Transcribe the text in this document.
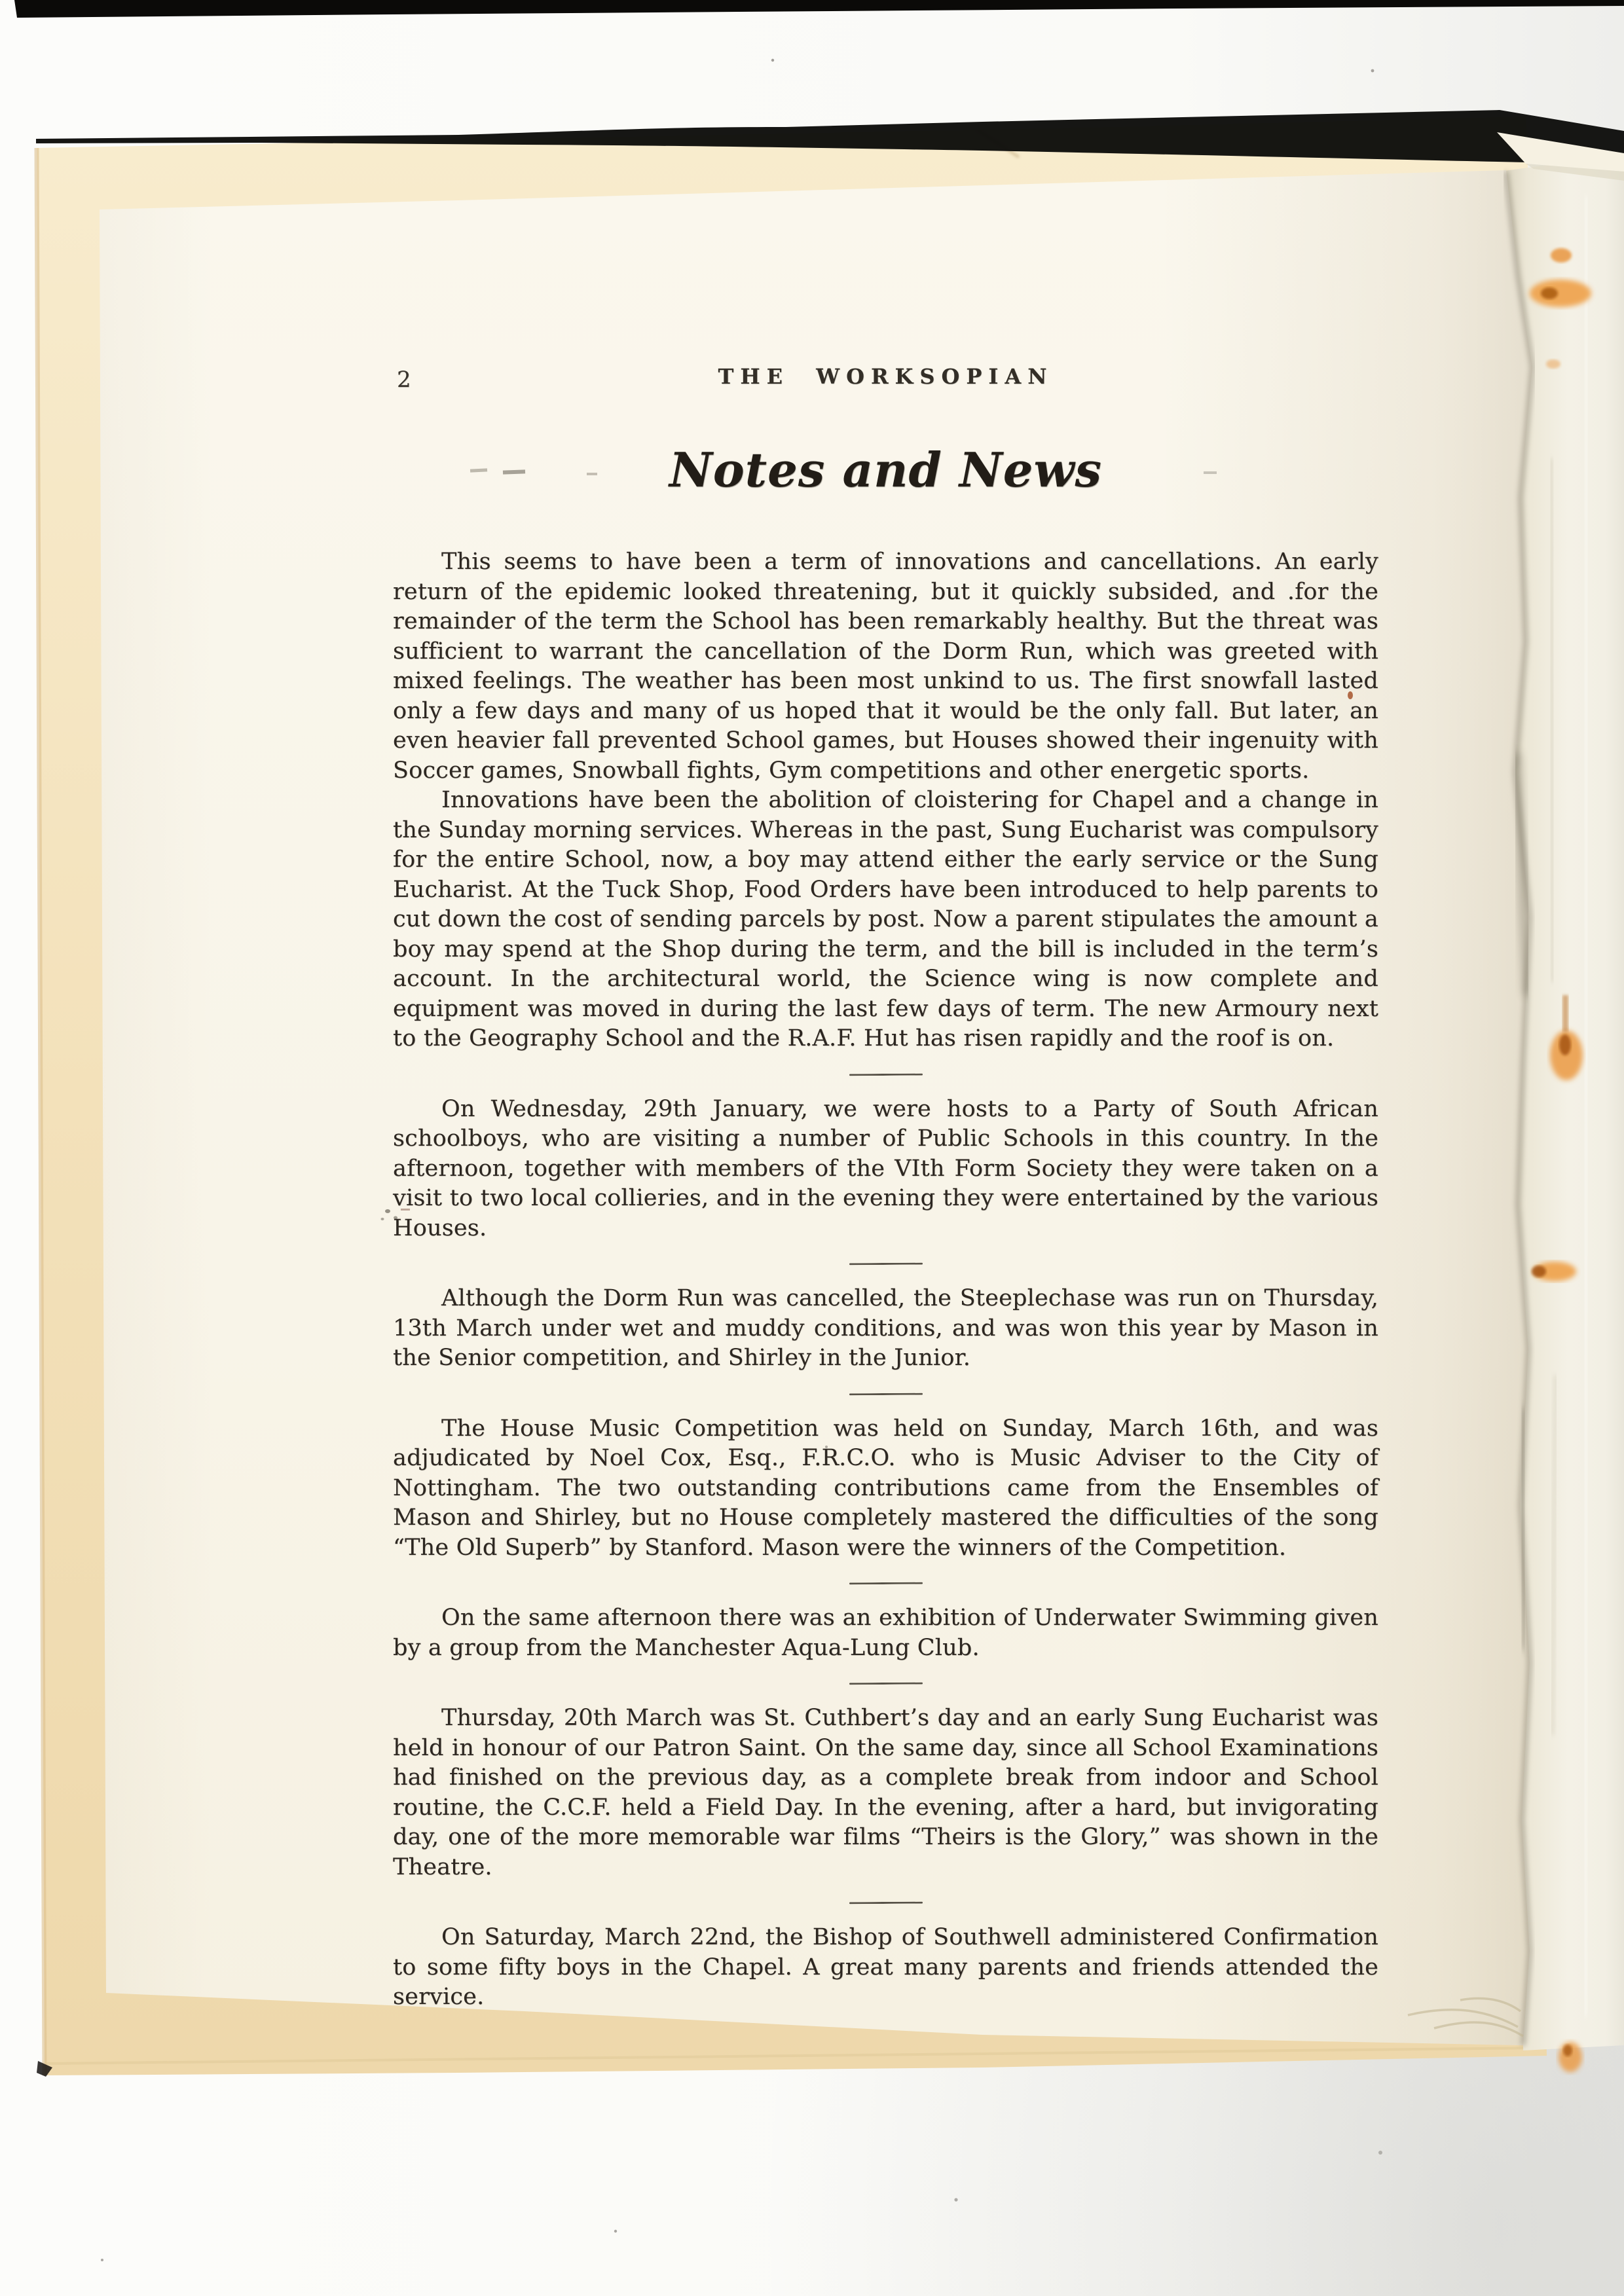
2	THE WORKSOPIAN
Notes and News

This seems to have been a term of innovations and cancellations. An early return of the epidemic looked threatening, but it quickly subsided, and .for the remainder of the term the School has been remarkably healthy. But the threat was sufficient to warrant the cancellation of the Dorm Run, which was greeted with mixed feelings. The weather has been most unkind to us. The first snowfall lasted only a few days and many of us hoped that it would be the only fall. But later, an even heavier fall prevented School games, but Houses showed their ingenuity with Soccer games, Snowball fights, Gym competitions and other energetic sports.

Innovations have been the abolition of cloistering for Chapel and a change in the Sunday morning services. Whereas in the past, Sung Eucharist was compulsory for the entire School, now, a boy may attend either the early service or the Sung Eucharist. At the Tuck Shop, Food Orders have been introduced to help parents to cut down the cost of sending parcels by post. Now a parent stipulates the amount a boy may spend at the Shop during the term, and the bill is included in the term’s account. In the architectural world, the Science wing is now complete and equipment was moved in during the last few days of term. The new Armoury next to the Geography School and the R.A.F. Hut has risen rapidly and the roof is on.

On Wednesday, 29th January, we were hosts to a Party of South African schoolboys, who are visiting a number of Public Schools in this country. In the afternoon, together with members of the VIth Form Society they were taken on a visit to two local collieries, and in the evening they were entertained by the various Houses.

Although the Dorm Run was cancelled, the Steeplechase was run on Thursday, 13th March under wet and muddy conditions, and was won this year by Mason in the Senior competition, and Shirley in the Junior.

The House Music Competition was held on Sunday, March 16th, and was adjudicated by Noel Cox, Esq., F.R.C.O. who is Music Adviser to the City of Nottingham. The two outstanding contributions came from the Ensembles of Mason and Shirley, but no House completely mastered the difficulties of the song “The Old Superb” by Stanford. Mason were the winners of the Competition.

On the same afternoon there was an exhibition of Underwater Swimming given by a group from the Manchester Aqua-Lung Club.

Thursday, 20th March was St. Cuthbert’s day and an early Sung Eucharist was held in honour of our Patron Saint. On the same day, since all School Examinations had finished on the previous day, as a complete break from indoor and School routine, the C.C.F. held a Field Day. In the evening, after a hard, but invigorating day, one of the more memorable war films “Theirs is the Glory,” was shown in the Theatre.

On Saturday, March 22nd, the Bishop of Southwell administered Confirmation to some fifty boys in the Chapel. A great many parents and friends attended the service.
